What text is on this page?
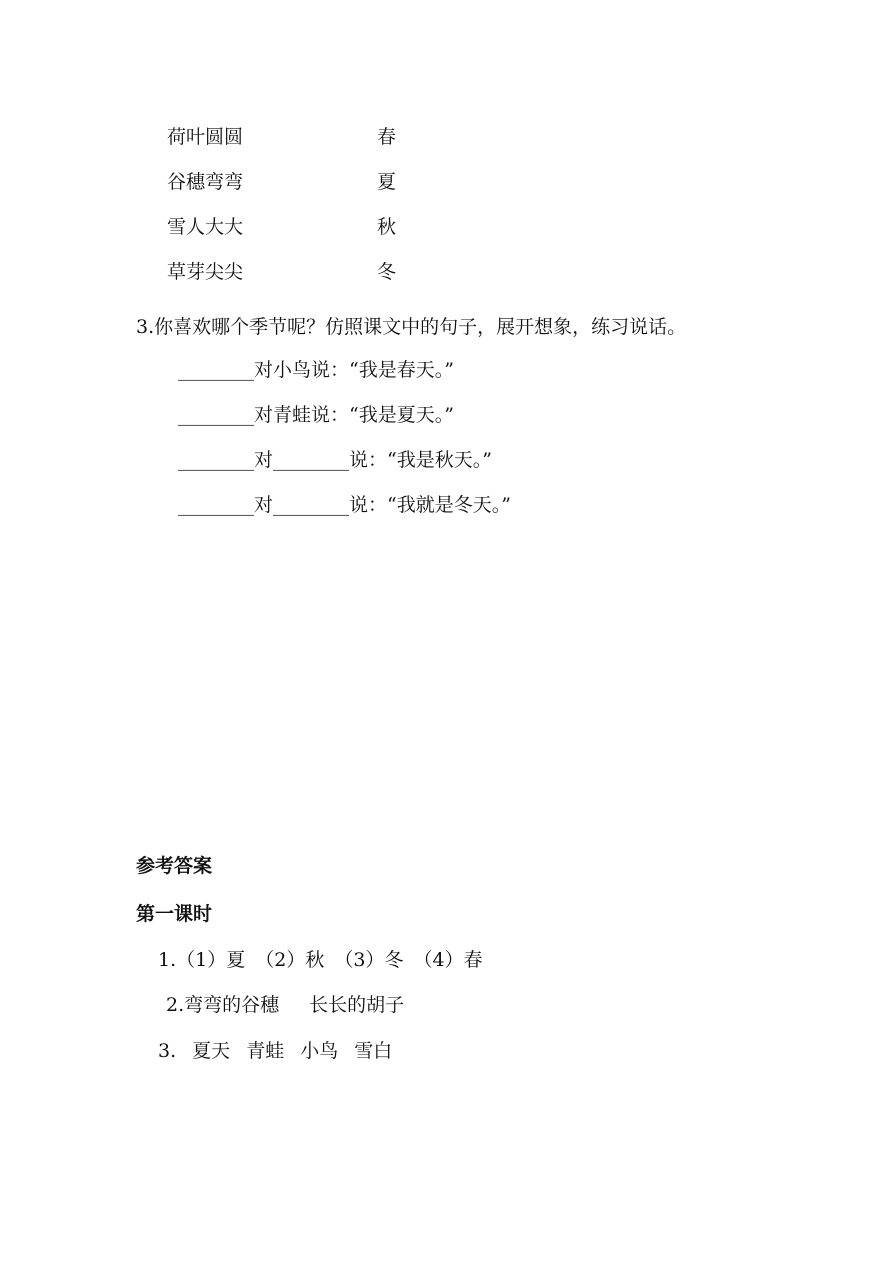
荷叶圆圆
谷穗弯弯
雪人大大
草芽尖尖
春
夏
秋
冬
3.你喜欢哪个季节呢？仿照课文中的句子，展开想象，练习说话。
________对小鸟说：“我是春天。”
________对青蛙说：“我是夏天。”
________对________说：“我是秋天。”
________对________说：“我就是冬天。”
参考答案
第一课时
1.（1）夏 （2）秋 （3）冬 （4）春
2.弯弯的谷穗 长长的胡子
3. 夏天 青蛙 小鸟 雪白
